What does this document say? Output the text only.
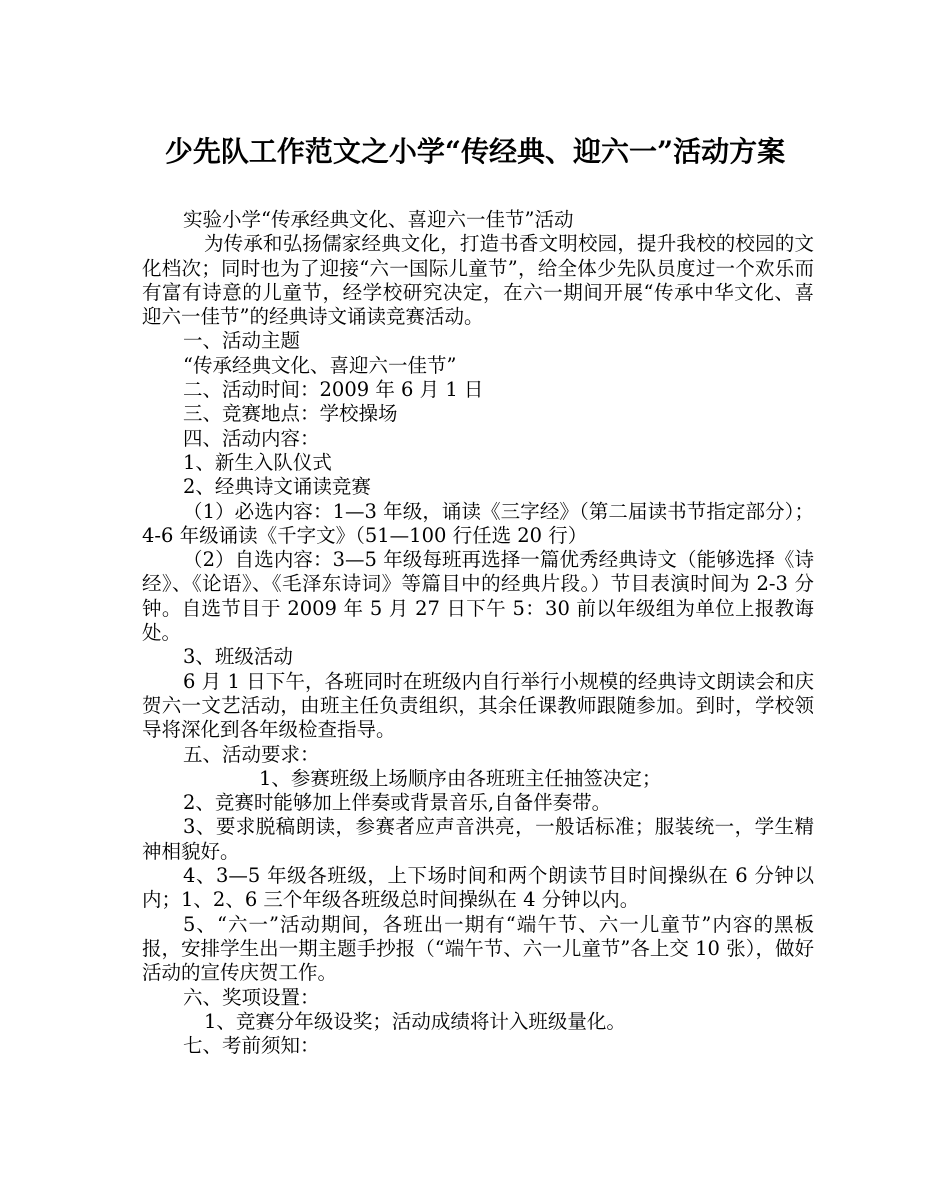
少先队工作范文之小学“传经典、迎六一”活动方案

实验小学“传承经典文化、喜迎六一佳节”活动

为传承和弘扬儒家经典文化，打造书香文明校园，提升我校的校园的文化档次；同时也为了迎接“六一国际儿童节”，给全体少先队员度过一个欢乐而有富有诗意的儿童节，经学校研究决定，在六一期间开展“传承中华文化、喜迎六一佳节”的经典诗文诵读竞赛活动。

一、活动主题

“传承经典文化、喜迎六一佳节”

二、活动时间：2009 年 6 月 1 日

三、竞赛地点：学校操场

四、活动内容：

1、新生入队仪式

2、经典诗文诵读竞赛

（1）必选内容：1—3 年级，诵读《三字经》（第二届读书节指定部分）；4-6 年级诵读《千字文》（51—100 行任选 20 行）

（2）自选内容：3—5 年级每班再选择一篇优秀经典诗文（能够选择《诗经》、《论语》、《毛泽东诗词》等篇目中的经典片段。）节目表演时间为 2-3 分钟。自选节目于 2009 年 5 月 27 日下午 5：30 前以年级组为单位上报教诲处。

3、班级活动

6 月 1 日下午，各班同时在班级内自行举行小规模的经典诗文朗读会和庆贺六一文艺活动，由班主任负责组织，其余任课教师跟随参加。到时，学校领导将深化到各年级检查指导。

五、活动要求：

1、参赛班级上场顺序由各班班主任抽签决定；

2、竞赛时能够加上伴奏或背景音乐,自备伴奏带。

3、要求脱稿朗读，参赛者应声音洪亮，一般话标准；服装统一，学生精神相貌好。

4、3—5 年级各班级，上下场时间和两个朗读节目时间操纵在 6 分钟以内；1、2、6 三个年级各班级总时间操纵在 4 分钟以内。

5、“六一”活动期间，各班出一期有“端午节、六一儿童节”内容的黑板报，安排学生出一期主题手抄报（“端午节、六一儿童节”各上交 10 张），做好活动的宣传庆贺工作。

六、奖项设置：

1、竞赛分年级设奖；活动成绩将计入班级量化。

七、考前须知：
